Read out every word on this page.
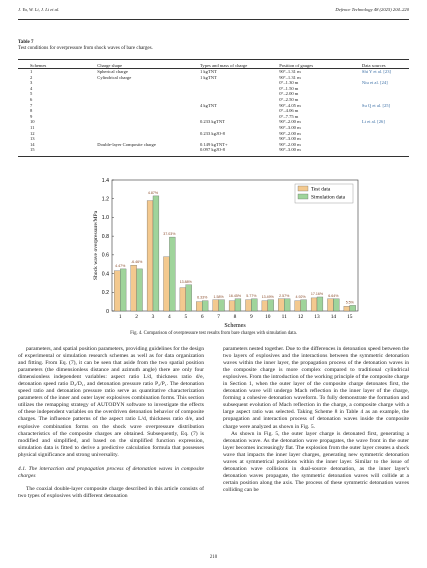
J. Yu, W. Li, J. Li et al.	Defence Technology 48 (2025) 204–220
Table 7
Test conditions for overpressure from shock waves of bare charges.
Schemes	Charge shape	Types and mass of charge	Position of gauges	Data sources
1	Spherical charge	1 kgTNT	90°–1.31 m	Shi Y et al. [23]
2	Cylindrical charge	1 kgTNT	90°–1.31 m	
3			0°–1.30 m	Niu et al. [24]
4			0°–1.50 m	
5			0°–2.00 m	
6			0°–2.50 m	
7		4 kgTNT	90°–4.05 m	Su Q et al. [25]
8			0°–4.06 m	
9			0°–7.75 m	
10		0.233 kgTNT	90°–2.00 m	Li et al. [26]
11			90°–3.00 m	
12		0.233 kgJO-8	90°–2.00 m	
13			90°–3.00 m	
14	Double-layer Composite charge	0.149 kgTNT+	90°–2.00 m	
15		0.097 kgJO-8	90°–3.00 m	
0
0.2
0.4
0.6
0.8
1.0
1.2
1.4
Shock wave overpressure/MPa
1
4.47%
2
-6.46%
3
4.87%
4
37.03%
5
13.88%
6
6.33%
7
1.58%
8
16.45%
9
5.77%
10
13.49%
11
2.57%
12
4.92%
13
17.16%
14
6.64%
15
5.5%
Schemes
Test data
Simulation data
Fig. 4. Comparison of overpressure test results from bare charges with simulation data.

parameters, and spatial position parameters, providing guidelines for the design of experimental or simulation research schemes as well as for data organization and fitting. From Eq. (7), it can be seen that aside from the two spatial position parameters (the dimensionless distance and azimuth angle) there are only four dimensionless independent variables: aspect ratio L/d, thickness ratio d/e, detonation speed ratio D₂/D₁, and detonation pressure ratio P₂/P₁. The detonation speed ratio and detonation pressure ratio serve as quantitative characterization parameters of the inner and outer layer explosives combination forms. This section utilizes the remapping strategy of AUTODYN software to investigate the effects of these independent variables on the overdriven detonation behavior of composite charges. The influence patterns of the aspect ratio L/d, thickness ratio d/e, and explosive combination forms on the shock wave overpressure distribution characteristics of the composite charges are obtained. Subsequently, Eq. (7) is modified and simplified, and based on the simplified function expression, simulation data is fitted to derive a predictive calculation formula that possesses physical significance and strong universality.

4.1. The interaction and propagation process of detonation waves in composite charges

The coaxial double-layer composite charge described in this article consists of two types of explosives with different detonation

parameters nested together. Due to the differences in detonation speed between the two layers of explosives and the interactions between the symmetric detonation waves within the inner layer, the propagation process of the detonation waves in the composite charge is more complex compared to traditional cylindrical explosives. From the introduction of the working principle of the composite charge in Section 1, when the outer layer of the composite charge detonates first, the detonation wave will undergo Mach reflection in the inner layer of the charge, forming a cohesive detonation waveform. To fully demonstrate the formation and subsequent evolution of Mach reflection in the charge, a composite charge with a large aspect ratio was selected. Taking Scheme 8 in Table 4 as an example, the propagation and interaction process of detonation waves inside the composite charge were analyzed as shown in Fig. 5.

As shown in Fig. 5, the outer layer charge is detonated first, generating a detonation wave. As the detonation wave propagates, the wave front in the outer layer becomes increasingly flat. The explosion from the outer layer creates a shock wave that impacts the inner layer charges, generating new symmetric detonation waves at symmetrical positions within the inner layer. Similar to the issue of detonation wave collisions in dual-source detonation, as the inner layer's detonation waves propagate, the symmetric detonation waves will collide at a certain position along the axis. The process of these symmetric detonation waves colliding can be

210
